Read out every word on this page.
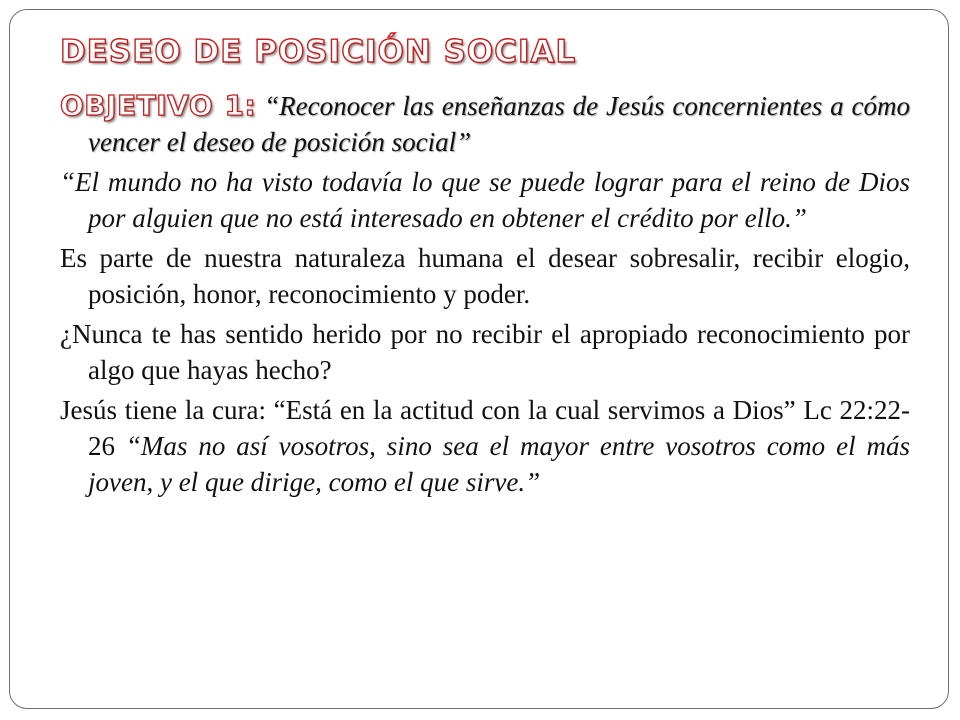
DESEO DE POSICIÓN SOCIAL

OBJETIVO 1: “Reconocer las enseñanzas de Jesús concernientes a cómo vencer el deseo de posición social”

“El mundo no ha visto todavía lo que se puede lograr para el reino de Dios por alguien que no está interesado en obtener el crédito por ello.”

Es parte de nuestra naturaleza humana el desear sobresalir, recibir elogio, posición, honor, reconocimiento y poder.

¿Nunca te has sentido herido por no recibir el apropiado reconocimiento por algo que hayas hecho?

Jesús tiene la cura: “Está en la actitud con la cual servimos a Dios” Lc 22:22-26 “Mas no así vosotros, sino sea el mayor entre vosotros como el más joven, y el que dirige, como el que sirve.”
